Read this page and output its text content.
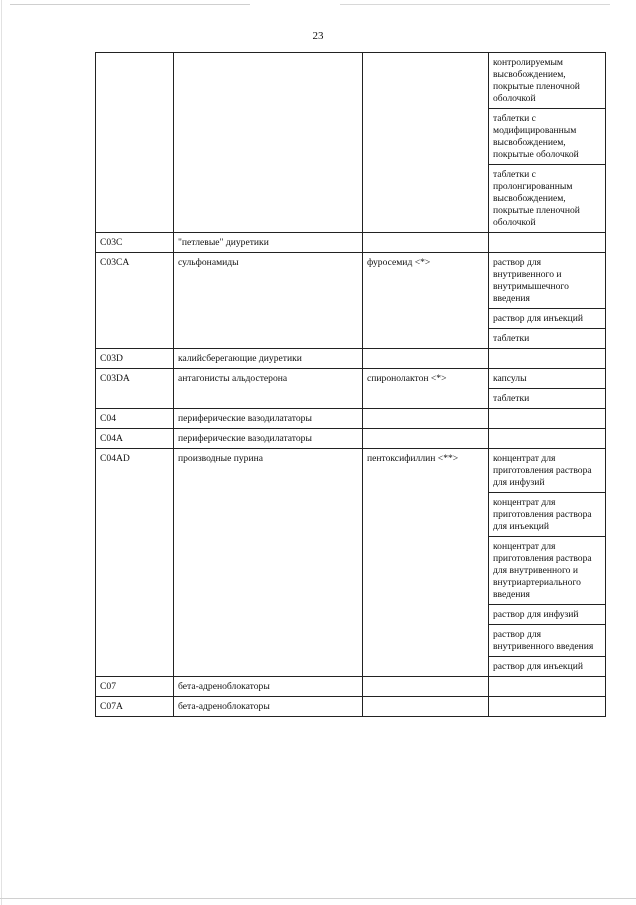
23
			контролируемым высвобождением, покрытые пленочной оболочкой
			таблетки с модифицированным высвобождением, покрытые оболочкой
			таблетки с пролонгированным высвобождением, покрытые пленочной оболочкой
C03C	"петлевые" диуретики		
C03CA	сульфонамиды	фуросемид <*>	раствор для внутривенного и внутримышечного введения
			раствор для инъекций
			таблетки
C03D	калийсберегающие диуретики		
C03DA	антагонисты альдостерона	спиронолактон <*>	капсулы
			таблетки
C04	периферические вазодилататоры		
C04A	периферические вазодилататоры		
C04AD	производные пурина	пентоксифиллин <**>	концентрат для приготовления раствора для инфузий
			концентрат для приготовления раствора для инъекций
			концентрат для приготовления раствора для внутривенного и внутриартериального введения
			раствор для инфузий
			раствор для внутривенного введения
			раствор для инъекций
C07	бета-адреноблокаторы		
C07A	бета-адреноблокаторы		
